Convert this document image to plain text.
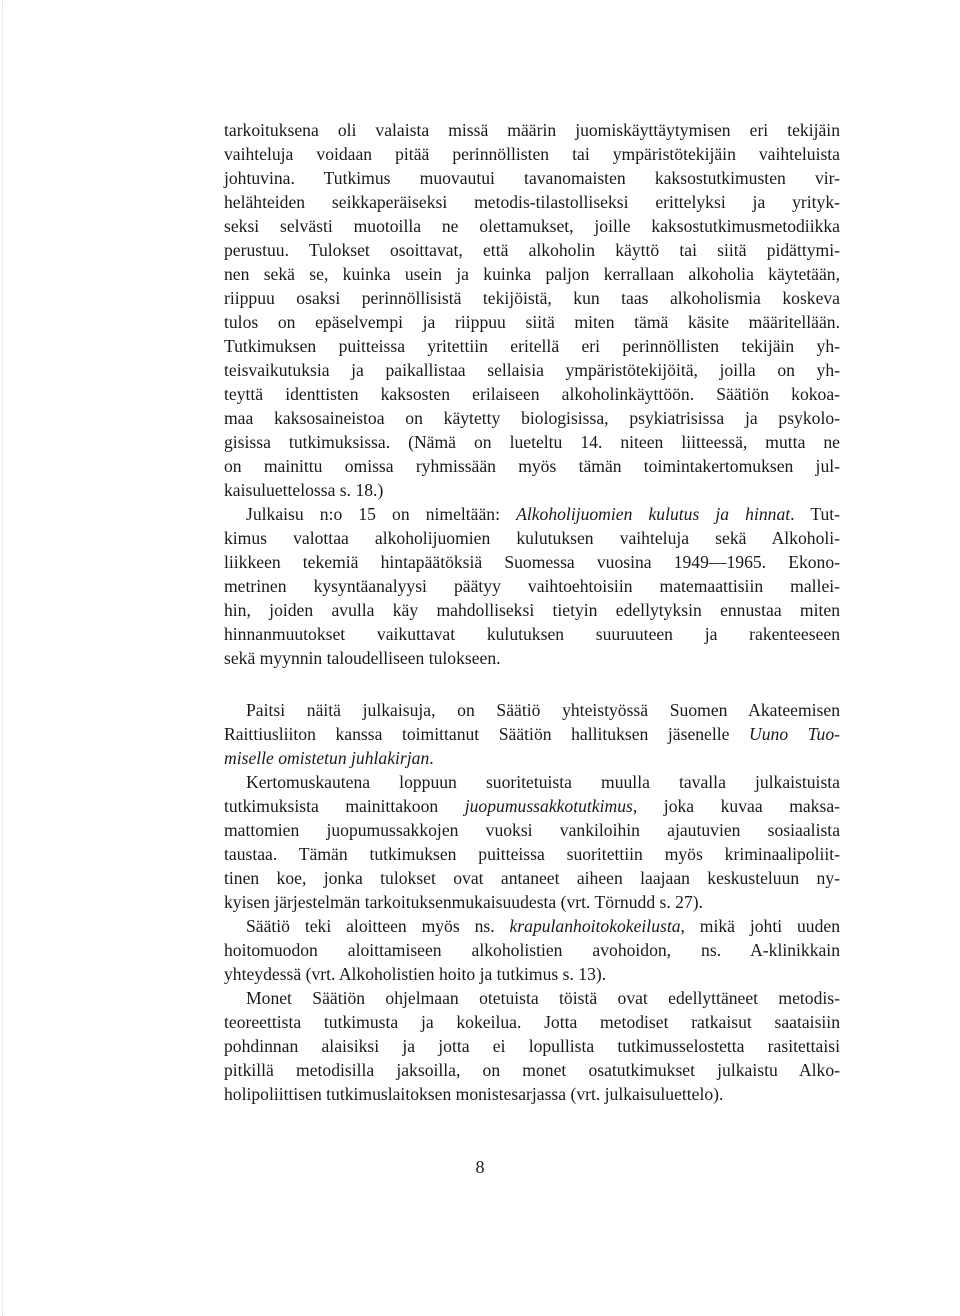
tarkoituksena oli valaista missä määrin juomiskäyttäytymisen eri tekijäin
vaihteluja voidaan pitää perinnöllisten tai ympäristötekijäin vaihteluista
johtuvina. Tutkimus muovautui tavanomaisten kaksostutkimusten vir-
helähteiden seikkaperäiseksi metodis-tilastolliseksi erittelyksi ja yrityk-
seksi selvästi muotoilla ne olettamukset, joille kaksostutkimusmetodiikka
perustuu. Tulokset osoittavat, että alkoholin käyttö tai siitä pidättymi-
nen sekä se, kuinka usein ja kuinka paljon kerrallaan alkoholia käytetään,
riippuu osaksi perinnöllisistä tekijöistä, kun taas alkoholismia koskeva
tulos on epäselvempi ja riippuu siitä miten tämä käsite määritellään.
Tutkimuksen puitteissa yritettiin eritellä eri perinnöllisten tekijäin yh-
teisvaikutuksia ja paikallistaa sellaisia ympäristötekijöitä, joilla on yh-
teyttä identtisten kaksosten erilaiseen alkoholinkäyttöön. Säätiön kokoa-
maa kaksosaineistoa on käytetty biologisissa, psykiatrisissa ja psykolo-
gisissa tutkimuksissa. (Nämä on lueteltu 14. niteen liitteessä, mutta ne
on mainittu omissa ryhmissään myös tämän toimintakertomuksen jul-
kaisuluettelossa s. 18.)
Julkaisu n:o 15 on nimeltään: Alkoholijuomien kulutus ja hinnat. Tut-
kimus valottaa alkoholijuomien kulutuksen vaihteluja sekä Alkoholi-
liikkeen tekemiä hintapäätöksiä Suomessa vuosina 1949—1965. Ekono-
metrinen kysyntäanalyysi päätyy vaihtoehtoisiin matemaattisiin mallei-
hin, joiden avulla käy mahdolliseksi tietyin edellytyksin ennustaa miten
hinnanmuutokset vaikuttavat kulutuksen suuruuteen ja rakenteeseen
sekä myynnin taloudelliseen tulokseen.
Paitsi näitä julkaisuja, on Säätiö yhteistyössä Suomen Akateemisen
Raittiusliiton kanssa toimittanut Säätiön hallituksen jäsenelle Uuno Tuo-
miselle omistetun juhlakirjan.
Kertomuskautena loppuun suoritetuista muulla tavalla julkaistuista
tutkimuksista mainittakoon juopumussakkotutkimus, joka kuvaa maksa-
mattomien juopumussakkojen vuoksi vankiloihin ajautuvien sosiaalista
taustaa. Tämän tutkimuksen puitteissa suoritettiin myös kriminaalipoliit-
tinen koe, jonka tulokset ovat antaneet aiheen laajaan keskusteluun ny-
kyisen järjestelmän tarkoituksenmukaisuudesta (vrt. Törnudd s. 27).
Säätiö teki aloitteen myös ns. krapulanhoitokokeilusta, mikä johti uuden
hoitomuodon aloittamiseen alkoholistien avohoidon, ns. A-klinikkain
yhteydessä (vrt. Alkoholistien hoito ja tutkimus s. 13).
Monet Säätiön ohjelmaan otetuista töistä ovat edellyttäneet metodis-
teoreettista tutkimusta ja kokeilua. Jotta metodiset ratkaisut saataisiin
pohdinnan alaisiksi ja jotta ei lopullista tutkimusselostetta rasitettaisi
pitkillä metodisilla jaksoilla, on monet osatutkimukset julkaistu Alko-
holipoliittisen tutkimuslaitoksen monistesarjassa (vrt. julkaisuluettelo).
8
